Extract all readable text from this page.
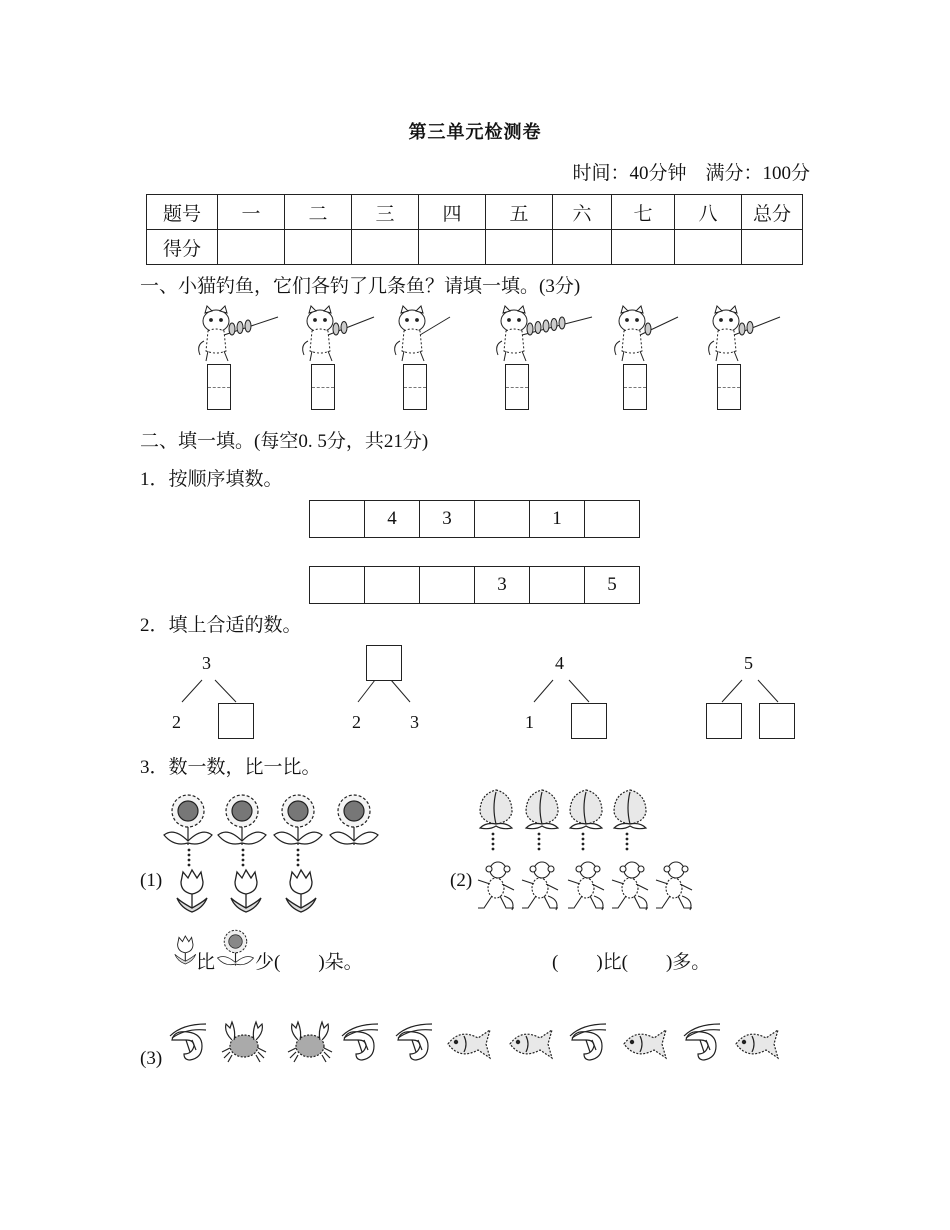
第三单元检测卷
时间：40分钟　满分：100分
题号	一	二	三	四	五	六	七	八	总分
得分									
一、小猫钓鱼，它们各钓了几条鱼？请填一填。(3分)
二、填一填。(每空0. 5分，共21分)
1．按顺序填数。
	4	3		1	
			3		5
2．填上合适的数。
3
2	2	3
4
1
5
3．数一数，比一比。
(1)	(2)
比 少(　　)朵。	(　　)比(　　)多。
(3)
